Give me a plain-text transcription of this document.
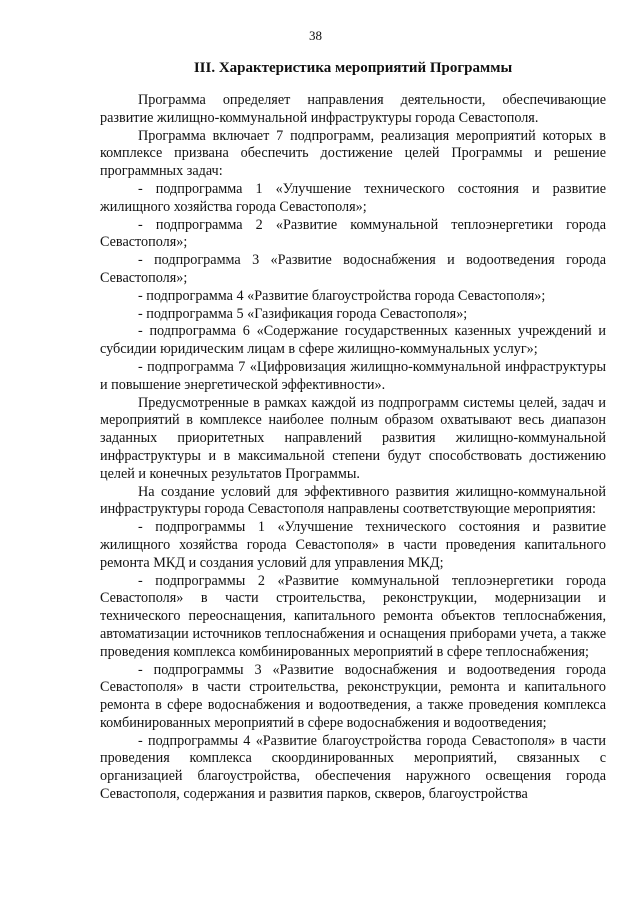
38
III. Характеристика мероприятий Программы

Программа определяет направления деятельности, обеспечивающие развитие жилищно-коммунальной инфраструктуры города Севастополя.

Программа включает 7 подпрограмм, реализация мероприятий которых в комплексе призвана обеспечить достижение целей Программы и решение программных задач:

- подпрограмма 1 «Улучшение технического состояния и развитие жилищного хозяйства города Севастополя»;

- подпрограмма 2 «Развитие коммунальной теплоэнергетики города Севастополя»;

- подпрограмма 3 «Развитие водоснабжения и водоотведения города Севастополя»;

- подпрограмма 4 «Развитие благоустройства города Севастополя»;

- подпрограмма 5 «Газификация города Севастополя»;

- подпрограмма 6 «Содержание государственных казенных учреждений и субсидии юридическим лицам в сфере жилищно-коммунальных услуг»;

- подпрограмма 7 «Цифровизация жилищно-коммунальной инфраструктуры и повышение энергетической эффективности».

Предусмотренные в рамках каждой из подпрограмм системы целей, задач и мероприятий в комплексе наиболее полным образом охватывают весь диапазон заданных приоритетных направлений развития жилищно-коммунальной инфраструктуры и в максимальной степени будут способствовать достижению целей и конечных результатов Программы.

На создание условий для эффективного развития жилищно-коммунальной инфраструктуры города Севастополя направлены соответствующие мероприятия:

- подпрограммы 1 «Улучшение технического состояния и развитие жилищного хозяйства города Севастополя» в части проведения капитального ремонта МКД и создания условий для управления МКД;

- подпрограммы 2 «Развитие коммунальной теплоэнергетики города Севастополя» в части строительства, реконструкции, модернизации и технического переоснащения, капитального ремонта объектов теплоснабжения, автоматизации источников теплоснабжения и оснащения приборами учета, а также проведения комплекса комбинированных мероприятий в сфере теплоснабжения;

- подпрограммы 3 «Развитие водоснабжения и водоотведения города Севастополя» в части строительства, реконструкции, ремонта и капитального ремонта в сфере водоснабжения и водоотведения, а также проведения комплекса комбинированных мероприятий в сфере водоснабжения и водоотведения;

- подпрограммы 4 «Развитие благоустройства города Севастополя» в части проведения комплекса скоординированных мероприятий, связанных с организацией благоустройства, обеспечения наружного освещения города Севастополя, содержания и развития парков, скверов, благоустройства
